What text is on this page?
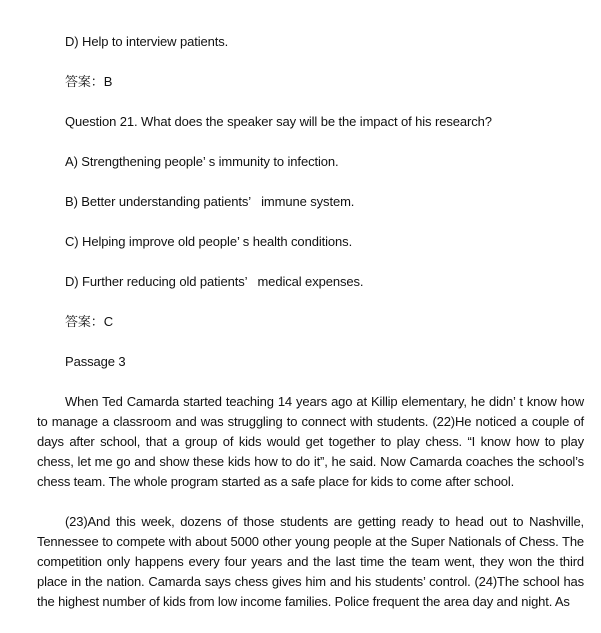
D) Help to interview patients.
答案：B
Question 21. What does the speaker say will be the impact of his research?
A) Strengthening people’ s immunity to infection.
B) Better understanding patients’   immune system.
C) Helping improve old people’ s health conditions.
D) Further reducing old patients’   medical expenses.
答案：C
Passage 3
When Ted Camarda started teaching 14 years ago at Killip elementary, he didn’ t know how to manage a classroom and was struggling to connect with students. (22)He noticed a couple of days after school, that a group of kids would get together to play chess. “I know how to play chess, let me go and show these kids how to do it”, he said. Now Camarda coaches the school’s chess team. The whole program started as a safe place for kids to come after school.
(23)And this week, dozens of those students are getting ready to head out to Nashville, Tennessee to compete with about 5000 other young people at the Super Nationals of Chess. The competition only happens every four years and the last time the team went, they won the third place in the nation. Camarda says chess gives him and his students’ control. (24)The school has the highest number of kids from low income families. Police frequent the area day and night. As
